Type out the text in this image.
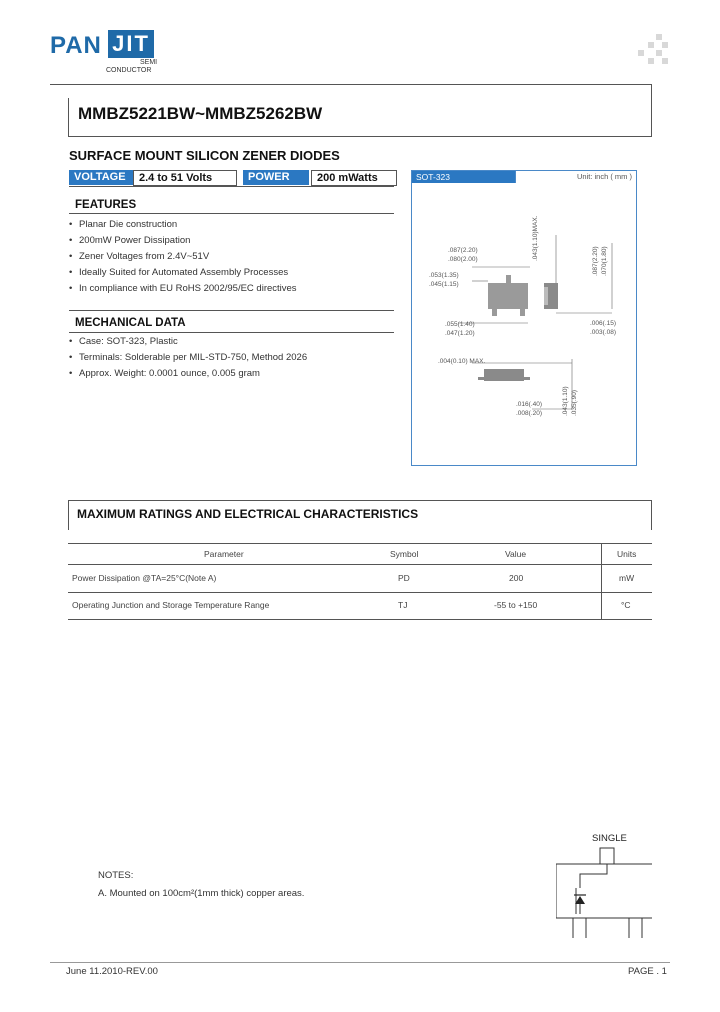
PAN JIT
SEMI
CONDUCTOR
MMBZ5221BW~MMBZ5262BW
SURFACE MOUNT SILICON ZENER DIODES
VOLTAGE	2.4 to 51 Volts	POWER	200 mWatts
FEATURES
• Planar Die construction
• 200mW Power Dissipation
• Zener Voltages from 2.4V~51V
• Ideally Suited for Automated Assembly Processes
• In compliance with EU RoHS 2002/95/EC directives
MECHANICAL DATA
• Case: SOT-323, Plastic
• Terminals: Solderable per MIL-STD-750, Method 2026
• Approx. Weight: 0.0001 ounce, 0.005 gram
SOT-323	Unit: inch ( mm )
.087(2.20)
.080(2.00)
.053(1.35)
.045(1.15)
.055(1.40)
.047(1.20)
.006(.15)
.003(.08)
.004(0.10) MAX.
.016(.40)
.008(.20)
.043(1.10)MAX.
.087(2.20) .070(1.80)
.043(1.10) .035(.90)
MAXIMUM RATINGS AND ELECTRICAL CHARACTERISTICS
Parameter	Symbol	Value	Units
Power Dissipation @TA=25°C(Note A)	PD	200	mW
Operating Junction and Storage Temperature Range	TJ	-55 to +150	°C
NOTES:
A. Mounted on 100cm²(1mm thick) copper areas.
SINGLE
June 11.2010-REV.00	PAGE . 1
